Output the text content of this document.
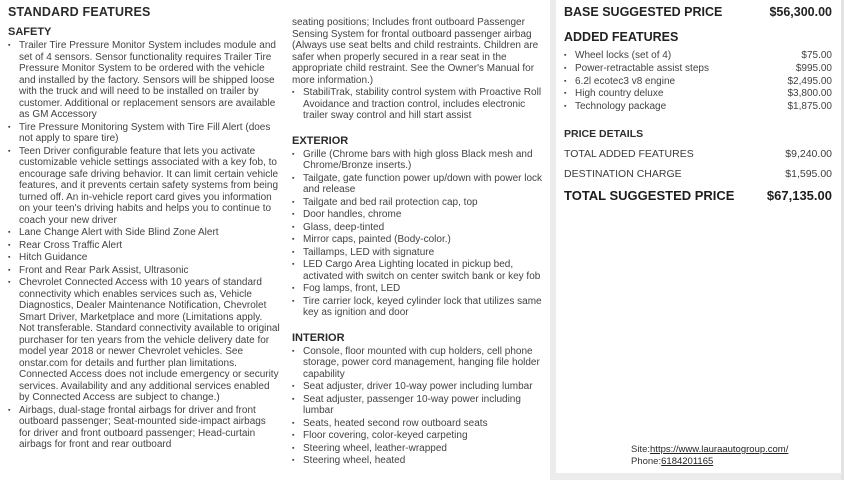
STANDARD FEATURES
SAFETY
▪ Trailer Tire Pressure Monitor System includes module and set of 4 sensors. Sensor functionality requires Trailer Tire Pressure Monitor System to be ordered with the vehicle and installed by the factory. Sensors will be shipped loose with the truck and will need to be installed on trailer by customer. Additional or replacement sensors are available as GM Accessory
▪ Tire Pressure Monitoring System with Tire Fill Alert (does not apply to spare tire)
▪ Teen Driver configurable feature that lets you activate customizable vehicle settings associated with a key fob, to encourage safe driving behavior. It can limit certain vehicle features, and it prevents certain safety systems from being turned off. An in-vehicle report card gives you information on your teen's driving habits and helps you to continue to coach your new driver
▪ Lane Change Alert with Side Blind Zone Alert
▪ Rear Cross Traffic Alert
▪ Hitch Guidance
▪ Front and Rear Park Assist, Ultrasonic
▪ Chevrolet Connected Access with 10 years of standard connectivity which enables services such as, Vehicle Diagnostics, Dealer Maintenance Notification, Chevrolet Smart Driver, Marketplace and more (Limitations apply. Not transferable. Standard connectivity available to original purchaser for ten years from the vehicle delivery date for model year 2018 or newer Chevrolet vehicles. See onstar.com for details and further plan limitations. Connected Access does not include emergency or security services. Availability and any additional services enabled by Connected Access are subject to change.)
▪ Airbags, dual-stage frontal airbags for driver and front outboard passenger; Seat-mounted side-impact airbags for driver and front outboard passenger; Head-curtain airbags for front and rear outboard
seating positions; Includes front outboard Passenger Sensing System for frontal outboard passenger airbag (Always use seat belts and child restraints. Children are safer when properly secured in a rear seat in the appropriate child restraint. See the Owner's Manual for more information.)
▪ StabiliTrak, stability control system with Proactive Roll Avoidance and traction control, includes electronic trailer sway control and hill start assist
EXTERIOR
▪ Grille (Chrome bars with high gloss Black mesh and Chrome/Bronze inserts.)
▪ Tailgate, gate function power up/down with power lock and release
▪ Tailgate and bed rail protection cap, top
▪ Door handles, chrome
▪ Glass, deep-tinted
▪ Mirror caps, painted (Body-color.)
▪ Taillamps, LED with signature
▪ LED Cargo Area Lighting located in pickup bed, activated with switch on center switch bank or key fob
▪ Fog lamps, front, LED
▪ Tire carrier lock, keyed cylinder lock that utilizes same key as ignition and door
INTERIOR
▪ Console, floor mounted with cup holders, cell phone storage, power cord management, hanging file holder capability
▪ Seat adjuster, driver 10-way power including lumbar
▪ Seat adjuster, passenger 10-way power including lumbar
▪ Seats, heated second row outboard seats
▪ Floor covering, color-keyed carpeting
▪ Steering wheel, leather-wrapped
▪ Steering wheel, heated
BASE SUGGESTED PRICE	$56,300.00
ADDED FEATURES
▪ Wheel locks (set of 4)	$75.00
▪ Power-retractable assist steps	$995.00
▪ 6.2l ecotec3 v8 engine	$2,495.00
▪ High country deluxe	$3,800.00
▪ Technology package	$1,875.00
PRICE DETAILS
TOTAL ADDED FEATURES	$9,240.00
DESTINATION CHARGE	$1,595.00
TOTAL SUGGESTED PRICE $67,135.00
Site:https://www.lauraautogroup.com/
Phone:6184201165
